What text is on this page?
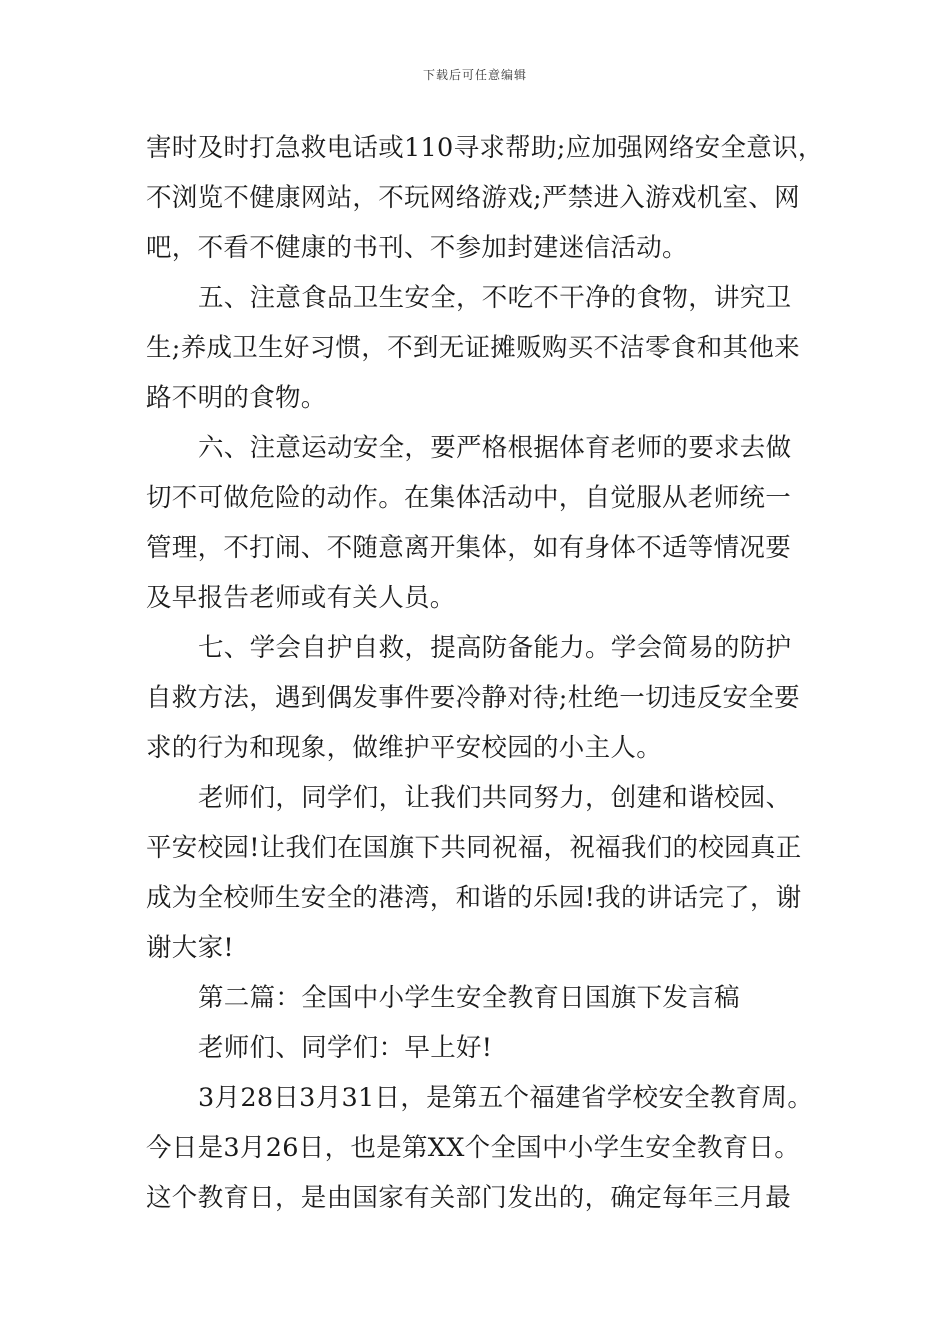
下载后可任意编辑
害时及时打急救电话或110寻求帮助;应加强网络安全意识，
不浏览不健康网站，不玩网络游戏;严禁进入游戏机室、网
吧，不看不健康的书刊、不参加封建迷信活动。
五、注意食品卫生安全，不吃不干净的食物，讲究卫
生;养成卫生好习惯，不到无证摊贩购买不洁零食和其他来
路不明的食物。
六、注意运动安全，要严格根据体育老师的要求去做
切不可做危险的动作。在集体活动中，自觉服从老师统一
管理，不打闹、不随意离开集体，如有身体不适等情况要
及早报告老师或有关人员。
七、学会自护自救，提高防备能力。学会简易的防护
自救方法，遇到偶发事件要冷静对待;杜绝一切违反安全要
求的行为和现象，做维护平安校园的小主人。
老师们，同学们，让我们共同努力，创建和谐校园、
平安校园!让我们在国旗下共同祝福，祝福我们的校园真正
成为全校师生安全的港湾，和谐的乐园!我的讲话完了，谢
谢大家!
第二篇：全国中小学生安全教育日国旗下发言稿
老师们、同学们：早上好!
3月28日3月31日，是第五个福建省学校安全教育周。
今日是3月26日，也是第XX个全国中小学生安全教育日。
这个教育日，是由国家有关部门发出的，确定每年三月最
